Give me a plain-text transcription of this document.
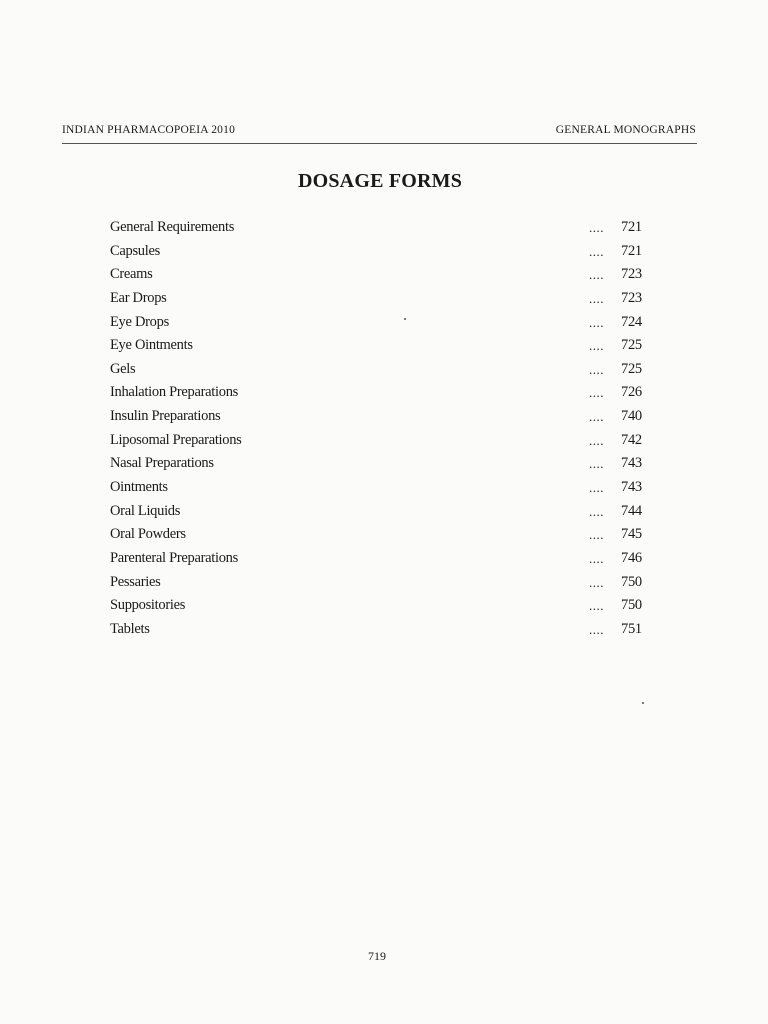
INDIAN PHARMACOPOEIA 2010	GENERAL MONOGRAPHS
DOSAGE FORMS
General Requirements	.... 721
Capsules	.... 721
Creams	.... 723
Ear Drops	.... 723
Eye Drops	.... 724
Eye Ointments	.... 725
Gels	.... 725
Inhalation Preparations	.... 726
Insulin Preparations	.... 740
Liposomal Preparations	.... 742
Nasal Preparations	.... 743
Ointments	.... 743
Oral Liquids	.... 744
Oral Powders	.... 745
Parenteral Preparations	.... 746
Pessaries	.... 750
Suppositories	.... 750
Tablets	.... 751
719
